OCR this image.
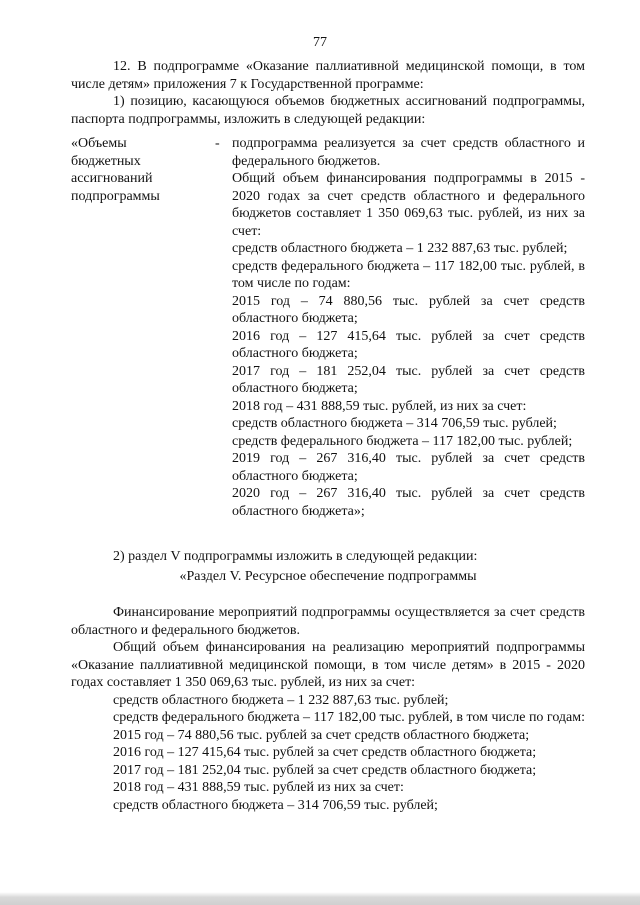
77

12. В подпрограмме «Оказание паллиативной медицинской помощи, в том числе детям» приложения 7 к Государственной программе:

1) позицию, касающуюся объемов бюджетных ассигнований подпрограммы, паспорта подпрограммы, изложить в следующей редакции:

«Объемы
бюджетных
ассигнований
подпрограммы
- подпрограмма реализуется за счет средств областного и федерального бюджетов.

Общий объем финансирования подпрограммы в 2015 - 2020 годах за счет средств областного и федерального бюджетов составляет 1 350 069,63 тыс. рублей, из них за счет:

средств областного бюджета – 1 232 887,63 тыс. рублей;

средств федерального бюджета – 117 182,00 тыс. рублей, в том числе по годам:

2015 год – 74 880,56 тыс. рублей за счет средств областного бюджета;

2016 год – 127 415,64 тыс. рублей за счет средств областного бюджета;

2017 год – 181 252,04 тыс. рублей за счет средств областного бюджета;

2018 год – 431 888,59 тыс. рублей, из них за счет:

средств областного бюджета – 314 706,59 тыс. рублей;

средств федерального бюджета – 117 182,00 тыс. рублей;

2019 год – 267 316,40 тыс. рублей за счет средств областного бюджета;

2020 год – 267 316,40 тыс. рублей за счет средств областного бюджета»;

2) раздел V подпрограммы изложить в следующей редакции:

«Раздел V. Ресурсное обеспечение подпрограммы

Финансирование мероприятий подпрограммы осуществляется за счет средств областного и федерального бюджетов.

Общий объем финансирования на реализацию мероприятий подпрограммы «Оказание паллиативной медицинской помощи, в том числе детям» в 2015 - 2020 годах составляет 1 350 069,63 тыс. рублей, из них за счет:

средств областного бюджета – 1 232 887,63 тыс. рублей;

средств федерального бюджета – 117 182,00 тыс. рублей, в том числе по годам:

2015 год – 74 880,56 тыс. рублей за счет средств областного бюджета;

2016 год – 127 415,64 тыс. рублей за счет средств областного бюджета;

2017 год – 181 252,04 тыс. рублей за счет средств областного бюджета;

2018 год – 431 888,59 тыс. рублей из них за счет:

средств областного бюджета – 314 706,59 тыс. рублей;
